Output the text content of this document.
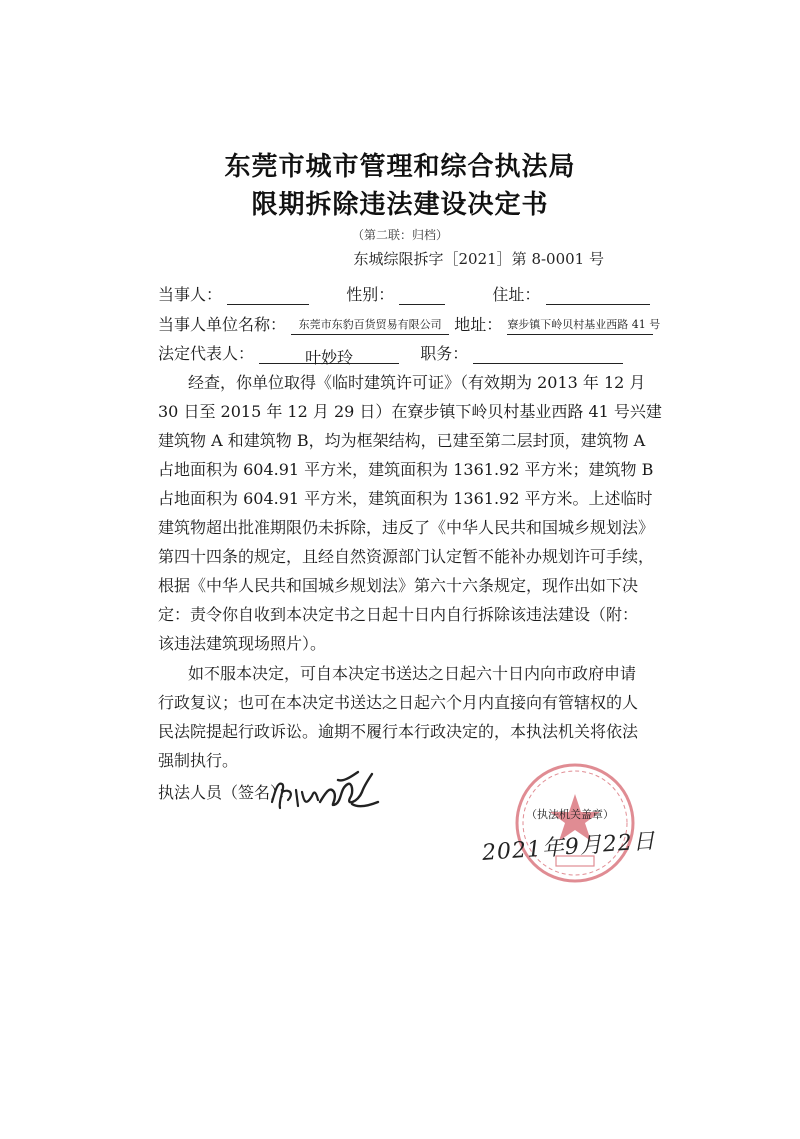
东莞市城市管理和综合执法局
限期拆除违法建设决定书
（第二联：归档）
东城综限拆字［2021］第 8-0001 号
当事人：	性别：	住址：
当事人单位名称： 东莞市东豹百货贸易有限公司 地址： 寮步镇下岭贝村基业西路 41 号
法定代表人：	叶妙玲	职务：
经查，你单位取得《临时建筑许可证》（有效期为 2013 年 12 月
30 日至 2015 年 12 月 29 日）在寮步镇下岭贝村基业西路 41 号兴建
建筑物 A 和建筑物 B，均为框架结构，已建至第二层封顶，建筑物 A
占地面积为 604.91 平方米，建筑面积为 1361.92 平方米；建筑物 B
占地面积为 604.91 平方米，建筑面积为 1361.92 平方米。上述临时
建筑物超出批准期限仍未拆除，违反了《中华人民共和国城乡规划法》
第四十四条的规定，且经自然资源部门认定暂不能补办规划许可手续，
根据《中华人民共和国城乡规划法》第六十六条规定，现作出如下决
定：责令你自收到本决定书之日起十日内自行拆除该违法建设（附：
该违法建筑现场照片）。
如不服本决定，可自本决定书送达之日起六十日内向市政府申请
行政复议；也可在本决定书送达之日起六个月内直接向有管辖权的人
民法院提起行政诉讼。逾期不履行本行政决定的，本执法机关将依法
强制执行。
执法人员（签名）：
（执法机关盖章）
2021年9月22日
